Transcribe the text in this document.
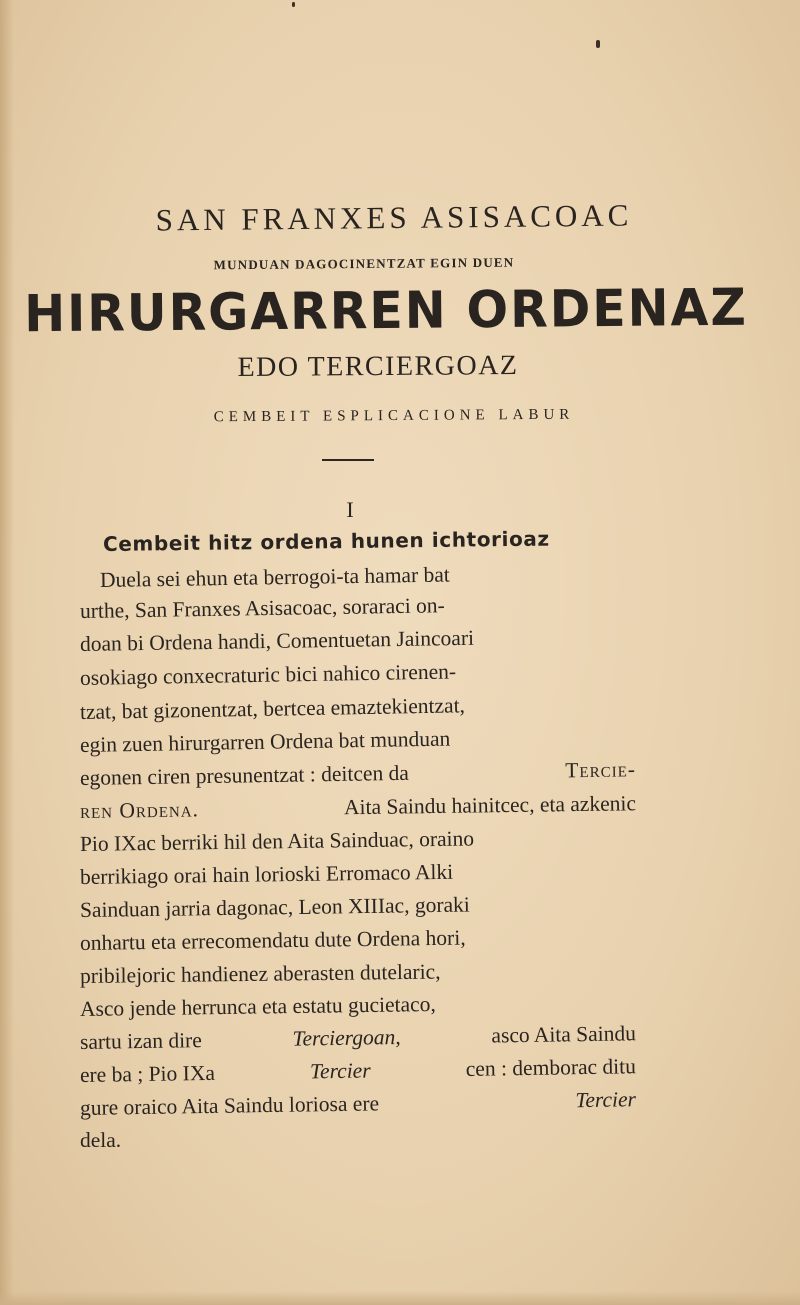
SAN FRANXES ASISACOAC
MUNDUAN DAGOCINENTZAT EGIN DUEN
HIRURGARREN ORDENAZ
EDO TERCIERGOAZ
CEMBEIT ESPLICACIONE LABUR
I
Cembeit hitz ordena hunen ichtorioaz
Duela sei ehun eta berrogoi-ta hamar bat
urthe, San Franxes Asisacoac, soraraci on-
doan bi Ordena handi, Comentuetan Jaincoari
osokiago conxecraturic bici nahico cirenen-
tzat, bat gizonentzat, bertcea emaztekientzat,
egin zuen hirurgarren Ordena bat munduan
egonen ciren presunentzat : deitcen da	Tercie-
ren Ordena.	Aita Saindu hainitcec, eta azkenic
Pio IXac berriki hil den Aita Sainduac, oraino
berrikiago orai hain lorioski Erromaco Alki
Sainduan jarria dagonac, Leon XIIIac, goraki
onhartu eta errecomendatu dute Ordena hori,
pribilejoric handienez aberasten dutelaric,
Asco jende herrunca eta estatu gucietaco,
sartu izan dire	Terciergoan,	asco Aita Saindu
ere ba ; Pio IXa	Tercier	cen : demborac ditu
gure oraico Aita Saindu loriosa ere	Tercier
dela.
